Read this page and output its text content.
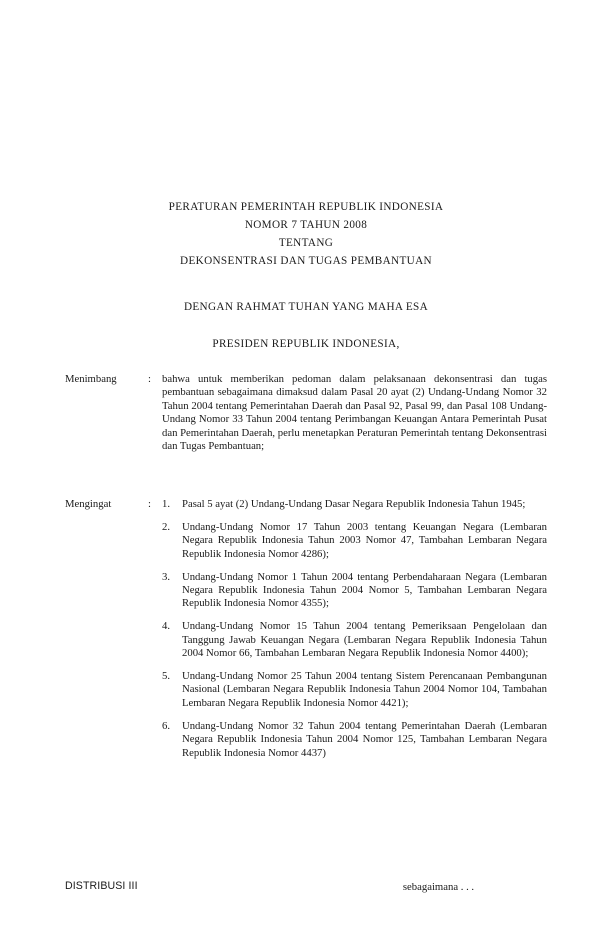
PERATURAN PEMERINTAH REPUBLIK INDONESIA
NOMOR 7 TAHUN 2008
TENTANG
DEKONSENTRASI DAN TUGAS PEMBANTUAN
DENGAN RAHMAT TUHAN YANG MAHA ESA
PRESIDEN REPUBLIK INDONESIA,
Menimbang	:	bahwa untuk memberikan pedoman dalam pelaksanaan dekonsentrasi dan tugas pembantuan sebagaimana dimaksud dalam Pasal 20 ayat (2) Undang-Undang Nomor 32 Tahun 2004 tentang Pemerintahan Daerah dan Pasal 92, Pasal 99, dan Pasal 108 Undang-Undang Nomor 33 Tahun 2004 tentang Perimbangan Keuangan Antara Pemerintah Pusat dan Pemerintahan Daerah, perlu menetapkan Peraturan Pemerintah tentang Dekonsentrasi dan Tugas Pembantuan;
Mengingat	:	1.	Pasal 5 ayat (2) Undang-Undang Dasar Negara Republik Indonesia Tahun 1945;
2.	Undang-Undang Nomor 17 Tahun 2003 tentang Keuangan Negara (Lembaran Negara Republik Indonesia Tahun 2003 Nomor 47, Tambahan Lembaran Negara Republik Indonesia Nomor 4286);
3.	Undang-Undang Nomor 1 Tahun 2004 tentang Perbendaharaan Negara (Lembaran Negara Republik Indonesia Tahun 2004 Nomor 5, Tambahan Lembaran Negara Republik Indonesia Nomor 4355);
4.	Undang-Undang Nomor 15 Tahun 2004 tentang Pemeriksaan Pengelolaan dan Tanggung Jawab Keuangan Negara (Lembaran Negara Republik Indonesia Tahun 2004 Nomor 66, Tambahan Lembaran Negara Republik Indonesia Nomor 4400);
5.	Undang-Undang Nomor 25 Tahun 2004 tentang Sistem Perencanaan Pembangunan Nasional (Lembaran Negara Republik Indonesia Tahun 2004 Nomor 104, Tambahan Lembaran Negara Republik Indonesia Nomor 4421);
6.	Undang-Undang Nomor 32 Tahun 2004 tentang Pemerintahan Daerah (Lembaran Negara Republik Indonesia Tahun 2004 Nomor 125, Tambahan Lembaran Negara Republik Indonesia Nomor 4437)
DISTRIBUSI III	sebagaimana . . .
